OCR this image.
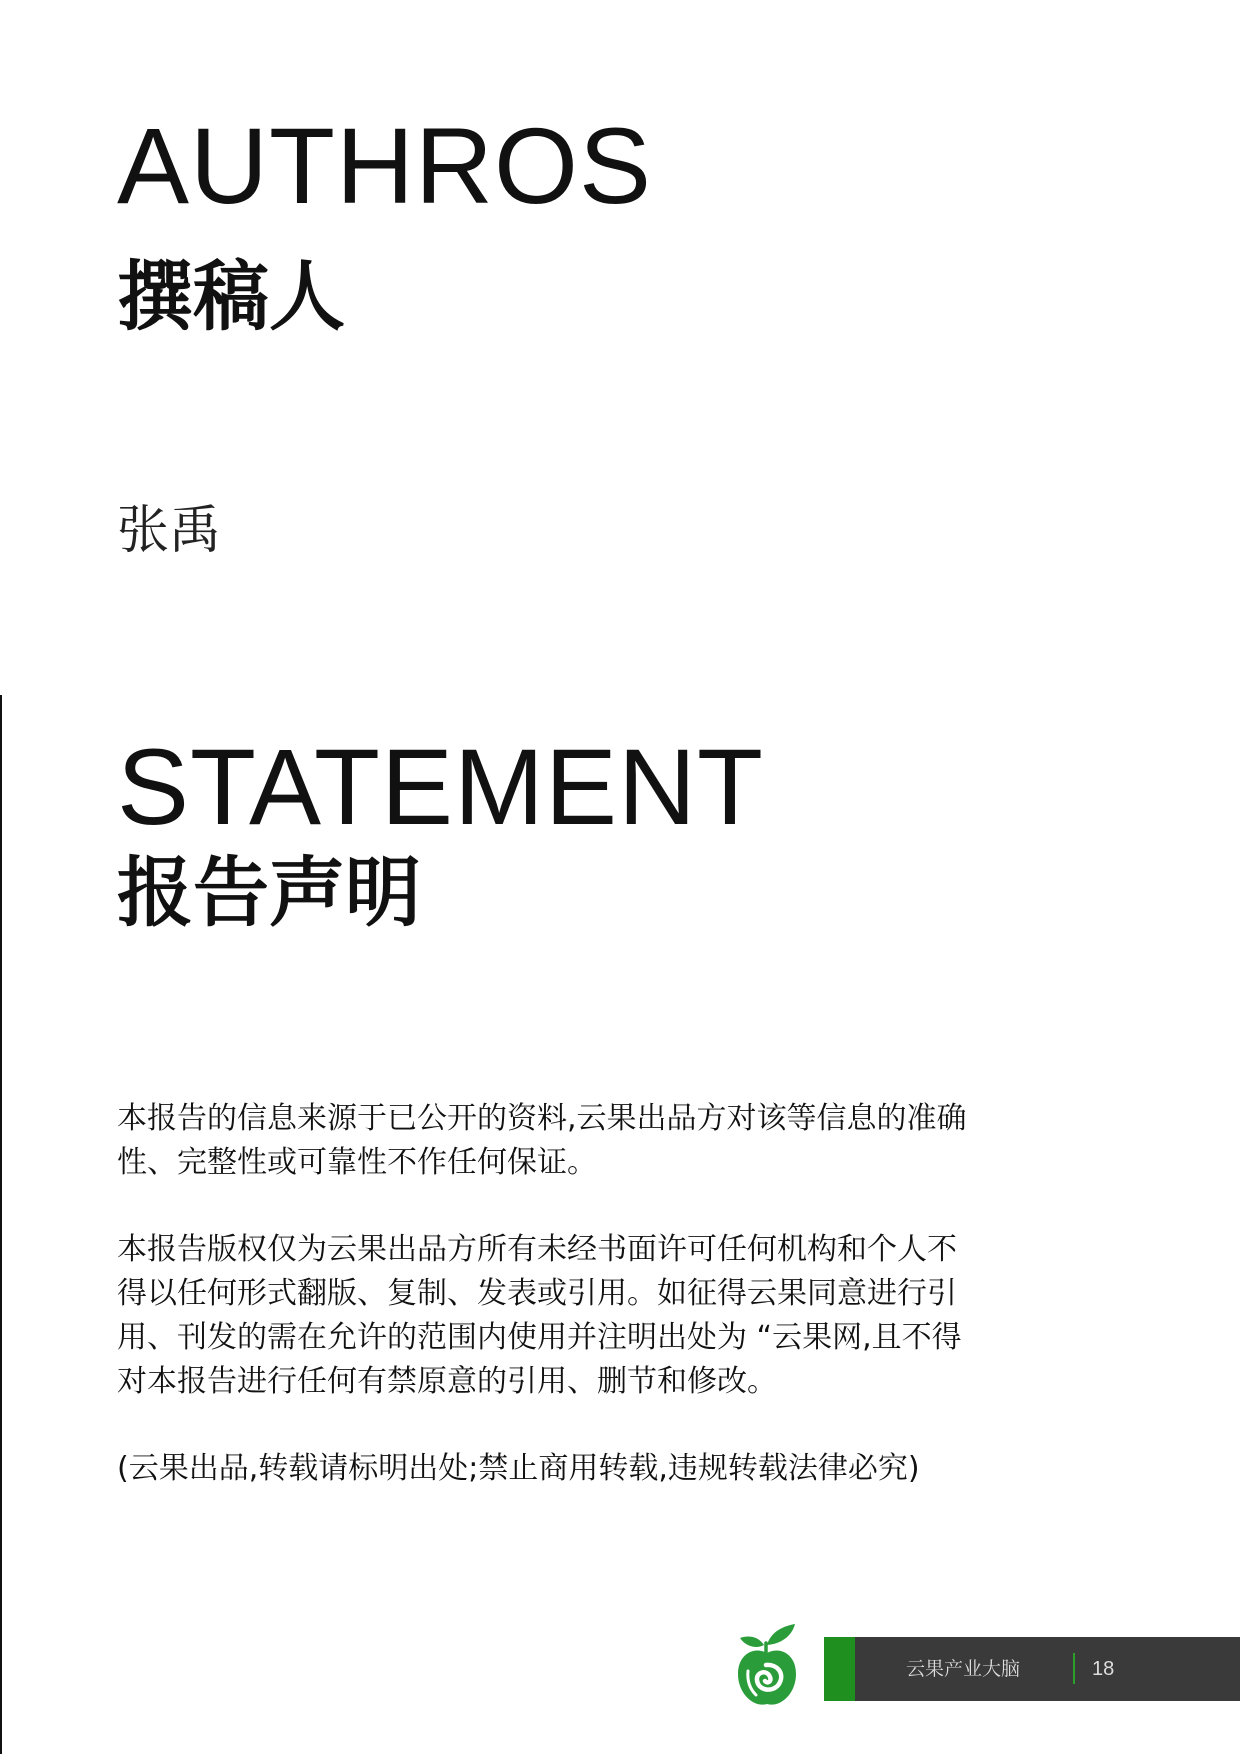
AUTHROS
撰稿人
张禹
STATEMENT
报告声明

本报告的信息来源于已公开的资料,云果出品方对该等信息的准确
性、完整性或可靠性不作任何保证。

本报告版权仅为云果出品方所有未经书面许可任何机构和个人不
得以任何形式翻版、复制、发表或引用。如征得云果同意进行引
用、刊发的需在允许的范围内使用并注明出处为 “云果网,且不得
对本报告进行任何有禁原意的引用、删节和修改。

(云果出品,转载请标明出处;禁止商用转载,违规转载法律必究)

云果产业大脑	18
